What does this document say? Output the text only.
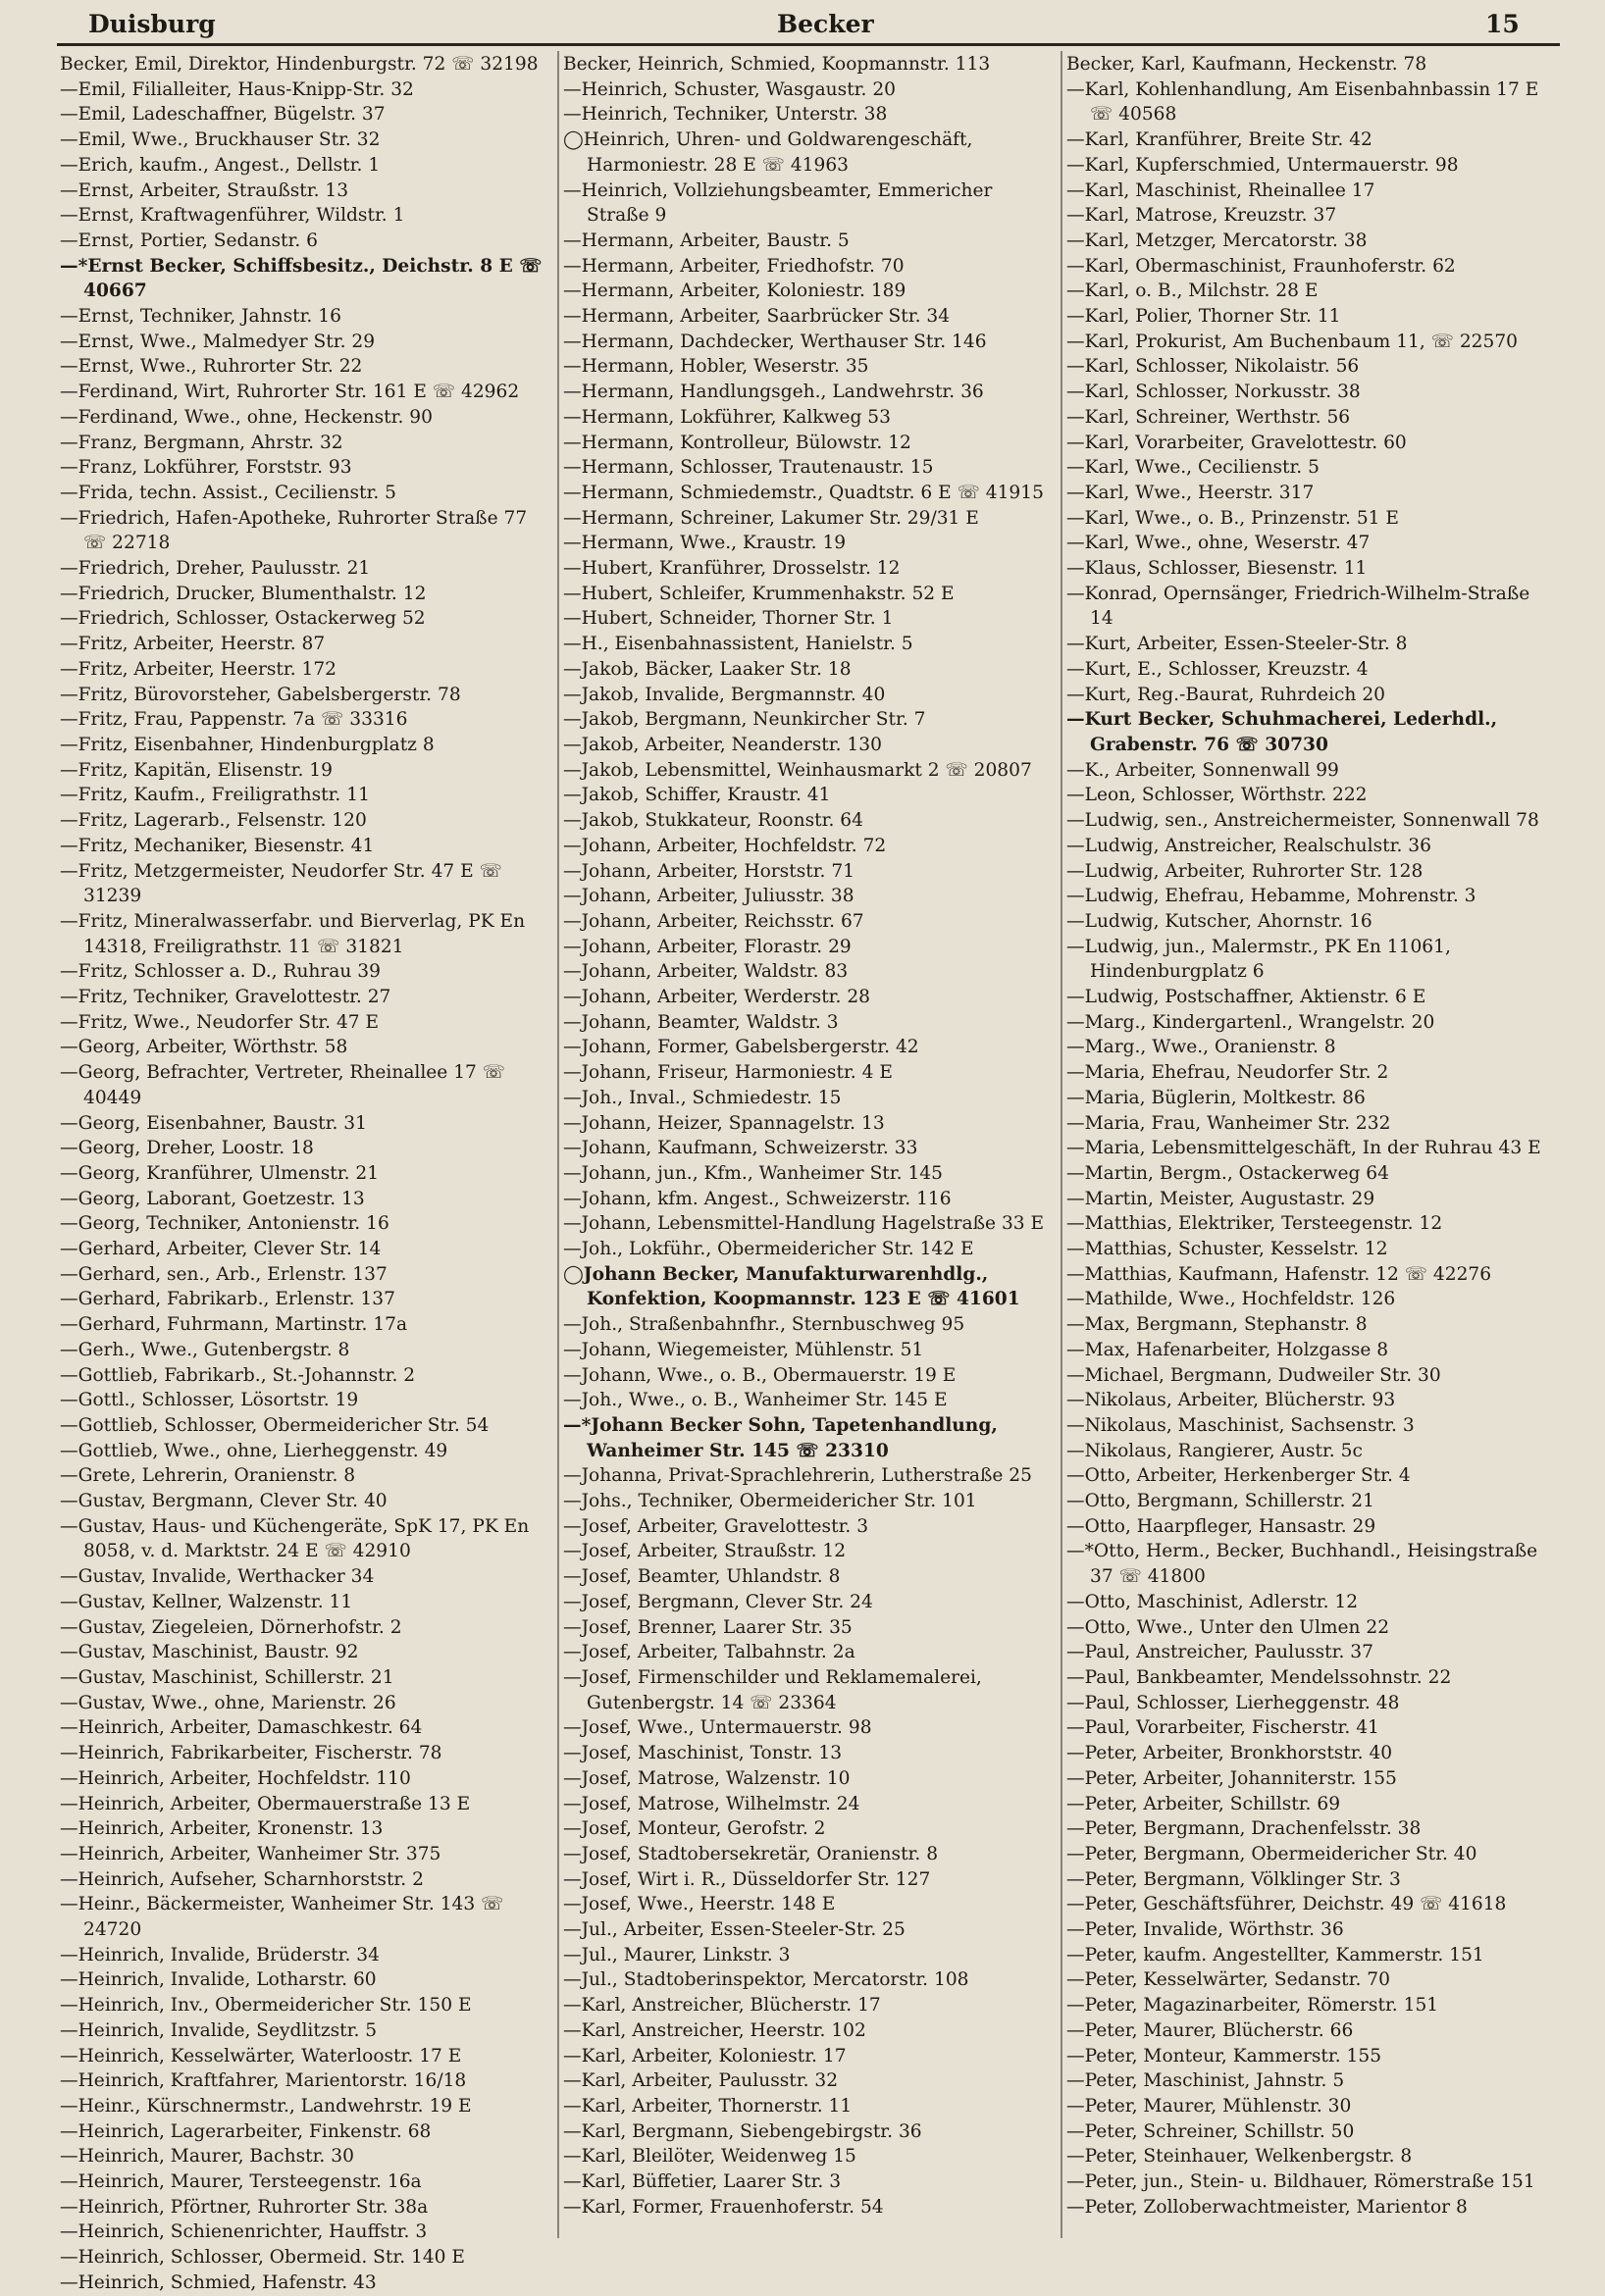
Duisburg	Becker	15

Becker, Emil, Direktor, Hindenburgstr. 72 ☏ 32198

—Emil, Filialleiter, Haus-Knipp-Str. 32

—Emil, Ladeschaffner, Bügelstr. 37

—Emil, Wwe., Bruckhauser Str. 32

—Erich, kaufm., Angest., Dellstr. 1

—Ernst, Arbeiter, Straußstr. 13

—Ernst, Kraftwagenführer, Wildstr. 1

—Ernst, Portier, Sedanstr. 6

—*Ernst Becker, Schiffsbesitz., Deichstr. 8 E ☏ 40667

—Ernst, Techniker, Jahnstr. 16

—Ernst, Wwe., Malmedyer Str. 29

—Ernst, Wwe., Ruhrorter Str. 22

—Ferdinand, Wirt, Ruhrorter Str. 161 E ☏ 42962

—Ferdinand, Wwe., ohne, Heckenstr. 90

—Franz, Bergmann, Ahrstr. 32

—Franz, Lokführer, Forststr. 93

—Frida, techn. Assist., Cecilienstr. 5

—Friedrich, Hafen-Apotheke, Ruhrorter Straße 77 ☏ 22718

—Friedrich, Dreher, Paulusstr. 21

—Friedrich, Drucker, Blumenthalstr. 12

—Friedrich, Schlosser, Ostackerweg 52

—Fritz, Arbeiter, Heerstr. 87

—Fritz, Arbeiter, Heerstr. 172

—Fritz, Bürovorsteher, Gabelsbergerstr. 78

—Fritz, Frau, Pappenstr. 7a ☏ 33316

—Fritz, Eisenbahner, Hindenburgplatz 8

—Fritz, Kapitän, Elisenstr. 19

—Fritz, Kaufm., Freiligrathstr. 11

—Fritz, Lagerarb., Felsenstr. 120

—Fritz, Mechaniker, Biesenstr. 41

—Fritz, Metzgermeister, Neudorfer Str. 47 E ☏ 31239

—Fritz, Mineralwasserfabr. und Bierverlag, PK En 14318, Freiligrathstr. 11 ☏ 31821

—Fritz, Schlosser a. D., Ruhrau 39

—Fritz, Techniker, Gravelottestr. 27

—Fritz, Wwe., Neudorfer Str. 47 E

—Georg, Arbeiter, Wörthstr. 58

—Georg, Befrachter, Vertreter, Rheinallee 17 ☏ 40449

—Georg, Eisenbahner, Baustr. 31

—Georg, Dreher, Loostr. 18

—Georg, Kranführer, Ulmenstr. 21

—Georg, Laborant, Goetzestr. 13

—Georg, Techniker, Antonienstr. 16

—Gerhard, Arbeiter, Clever Str. 14

—Gerhard, sen., Arb., Erlenstr. 137

—Gerhard, Fabrikarb., Erlenstr. 137

—Gerhard, Fuhrmann, Martinstr. 17a

—Gerh., Wwe., Gutenbergstr. 8

—Gottlieb, Fabrikarb., St.-Johannstr. 2

—Gottl., Schlosser, Lösortstr. 19

—Gottlieb, Schlosser, Obermeidericher Str. 54

—Gottlieb, Wwe., ohne, Lierheggenstr. 49

—Grete, Lehrerin, Oranienstr. 8

—Gustav, Bergmann, Clever Str. 40

—Gustav, Haus- und Küchengeräte, SpK 17, PK En 8058, v. d. Marktstr. 24 E ☏ 42910

—Gustav, Invalide, Werthacker 34

—Gustav, Kellner, Walzenstr. 11

—Gustav, Ziegeleien, Dörnerhofstr. 2

—Gustav, Maschinist, Baustr. 92

—Gustav, Maschinist, Schillerstr. 21

—Gustav, Wwe., ohne, Marienstr. 26

—Heinrich, Arbeiter, Damaschkestr. 64

—Heinrich, Fabrikarbeiter, Fischerstr. 78

—Heinrich, Arbeiter, Hochfeldstr. 110

—Heinrich, Arbeiter, Obermauerstraße 13 E

—Heinrich, Arbeiter, Kronenstr. 13

—Heinrich, Arbeiter, Wanheimer Str. 375

—Heinrich, Aufseher, Scharnhorststr. 2

—Heinr., Bäckermeister, Wanheimer Str. 143 ☏ 24720

—Heinrich, Invalide, Brüderstr. 34

—Heinrich, Invalide, Lotharstr. 60

—Heinrich, Inv., Obermeidericher Str. 150 E

—Heinrich, Invalide, Seydlitzstr. 5

—Heinrich, Kesselwärter, Waterloostr. 17 E

—Heinrich, Kraftfahrer, Marientorstr. 16/18

—Heinr., Kürschnermstr., Landwehrstr. 19 E

—Heinrich, Lagerarbeiter, Finkenstr. 68

—Heinrich, Maurer, Bachstr. 30

—Heinrich, Maurer, Tersteegenstr. 16a

—Heinrich, Pförtner, Ruhrorter Str. 38a

—Heinrich, Schienenrichter, Hauffstr. 3

—Heinrich, Schlosser, Obermeid. Str. 140 E

—Heinrich, Schmied, Hafenstr. 43

Becker, Heinrich, Schmied, Koopmannstr. 113

—Heinrich, Schuster, Wasgaustr. 20

—Heinrich, Techniker, Unterstr. 38

◯Heinrich, Uhren- und Goldwarengeschäft, Harmoniestr. 28 E ☏ 41963

—Heinrich, Vollziehungsbeamter, Emmericher Straße 9

—Hermann, Arbeiter, Baustr. 5

—Hermann, Arbeiter, Friedhofstr. 70

—Hermann, Arbeiter, Koloniestr. 189

—Hermann, Arbeiter, Saarbrücker Str. 34

—Hermann, Dachdecker, Werthauser Str. 146

—Hermann, Hobler, Weserstr. 35

—Hermann, Handlungsgeh., Landwehrstr. 36

—Hermann, Lokführer, Kalkweg 53

—Hermann, Kontrolleur, Bülowstr. 12

—Hermann, Schlosser, Trautenaustr. 15

—Hermann, Schmiedemstr., Quadtstr. 6 E ☏ 41915

—Hermann, Schreiner, Lakumer Str. 29/31 E

—Hermann, Wwe., Kraustr. 19

—Hubert, Kranführer, Drosselstr. 12

—Hubert, Schleifer, Krummenhakstr. 52 E

—Hubert, Schneider, Thorner Str. 1

—H., Eisenbahnassistent, Hanielstr. 5

—Jakob, Bäcker, Laaker Str. 18

—Jakob, Invalide, Bergmannstr. 40

—Jakob, Bergmann, Neunkircher Str. 7

—Jakob, Arbeiter, Neanderstr. 130

—Jakob, Lebensmittel, Weinhausmarkt 2 ☏ 20807

—Jakob, Schiffer, Kraustr. 41

—Jakob, Stukkateur, Roonstr. 64

—Johann, Arbeiter, Hochfeldstr. 72

—Johann, Arbeiter, Horststr. 71

—Johann, Arbeiter, Juliusstr. 38

—Johann, Arbeiter, Reichsstr. 67

—Johann, Arbeiter, Florastr. 29

—Johann, Arbeiter, Waldstr. 83

—Johann, Arbeiter, Werderstr. 28

—Johann, Beamter, Waldstr. 3

—Johann, Former, Gabelsbergerstr. 42

—Johann, Friseur, Harmoniestr. 4 E

—Joh., Inval., Schmiedestr. 15

—Johann, Heizer, Spannagelstr. 13

—Johann, Kaufmann, Schweizerstr. 33

—Johann, jun., Kfm., Wanheimer Str. 145

—Johann, kfm. Angest., Schweizerstr. 116

—Johann, Lebensmittel-Handlung Hagelstraße 33 E

—Joh., Lokführ., Obermeidericher Str. 142 E

◯Johann Becker, Manufakturwarenhdlg., Konfektion, Koopmannstr. 123 E ☏ 41601

—Joh., Straßenbahnfhr., Sternbuschweg 95

—Johann, Wiegemeister, Mühlenstr. 51

—Johann, Wwe., o. B., Obermauerstr. 19 E

—Joh., Wwe., o. B., Wanheimer Str. 145 E

—*Johann Becker Sohn, Tapetenhandlung, Wanheimer Str. 145 ☏ 23310

—Johanna, Privat-Sprachlehrerin, Lutherstraße 25

—Johs., Techniker, Obermeidericher Str. 101

—Josef, Arbeiter, Gravelottestr. 3

—Josef, Arbeiter, Straußstr. 12

—Josef, Beamter, Uhlandstr. 8

—Josef, Bergmann, Clever Str. 24

—Josef, Brenner, Laarer Str. 35

—Josef, Arbeiter, Talbahnstr. 2a

—Josef, Firmenschilder und Reklamemalerei, Gutenbergstr. 14 ☏ 23364

—Josef, Wwe., Untermauerstr. 98

—Josef, Maschinist, Tonstr. 13

—Josef, Matrose, Walzenstr. 10

—Josef, Matrose, Wilhelmstr. 24

—Josef, Monteur, Gerofstr. 2

—Josef, Stadtobersekretär, Oranienstr. 8

—Josef, Wirt i. R., Düsseldorfer Str. 127

—Josef, Wwe., Heerstr. 148 E

—Jul., Arbeiter, Essen-Steeler-Str. 25

—Jul., Maurer, Linkstr. 3

—Jul., Stadtoberinspektor, Mercatorstr. 108

—Karl, Anstreicher, Blücherstr. 17

—Karl, Anstreicher, Heerstr. 102

—Karl, Arbeiter, Koloniestr. 17

—Karl, Arbeiter, Paulusstr. 32

—Karl, Arbeiter, Thornerstr. 11

—Karl, Bergmann, Siebengebirgstr. 36

—Karl, Bleilöter, Weidenweg 15

—Karl, Büffetier, Laarer Str. 3

—Karl, Former, Frauenhoferstr. 54

Becker, Karl, Kaufmann, Heckenstr. 78

—Karl, Kohlenhandlung, Am Eisenbahnbassin 17 E ☏ 40568

—Karl, Kranführer, Breite Str. 42

—Karl, Kupferschmied, Untermauerstr. 98

—Karl, Maschinist, Rheinallee 17

—Karl, Matrose, Kreuzstr. 37

—Karl, Metzger, Mercatorstr. 38

—Karl, Obermaschinist, Fraunhoferstr. 62

—Karl, o. B., Milchstr. 28 E

—Karl, Polier, Thorner Str. 11

—Karl, Prokurist, Am Buchenbaum 11, ☏ 22570

—Karl, Schlosser, Nikolaistr. 56

—Karl, Schlosser, Norkusstr. 38

—Karl, Schreiner, Werthstr. 56

—Karl, Vorarbeiter, Gravelottestr. 60

—Karl, Wwe., Cecilienstr. 5

—Karl, Wwe., Heerstr. 317

—Karl, Wwe., o. B., Prinzenstr. 51 E

—Karl, Wwe., ohne, Weserstr. 47

—Klaus, Schlosser, Biesenstr. 11

—Konrad, Opernsänger, Friedrich-Wilhelm-Straße 14

—Kurt, Arbeiter, Essen-Steeler-Str. 8

—Kurt, E., Schlosser, Kreuzstr. 4

—Kurt, Reg.-Baurat, Ruhrdeich 20

—Kurt Becker, Schuhmacherei, Lederhdl., Grabenstr. 76 ☏ 30730

—K., Arbeiter, Sonnenwall 99

—Leon, Schlosser, Wörthstr. 222

—Ludwig, sen., Anstreichermeister, Sonnenwall 78

—Ludwig, Anstreicher, Realschulstr. 36

—Ludwig, Arbeiter, Ruhrorter Str. 128

—Ludwig, Ehefrau, Hebamme, Mohrenstr. 3

—Ludwig, Kutscher, Ahornstr. 16

—Ludwig, jun., Malermstr., PK En 11061, Hindenburgplatz 6

—Ludwig, Postschaffner, Aktienstr. 6 E

—Marg., Kindergartenl., Wrangelstr. 20

—Marg., Wwe., Oranienstr. 8

—Maria, Ehefrau, Neudorfer Str. 2

—Maria, Büglerin, Moltkestr. 86

—Maria, Frau, Wanheimer Str. 232

—Maria, Lebensmittelgeschäft, In der Ruhrau 43 E

—Martin, Bergm., Ostackerweg 64

—Martin, Meister, Augustastr. 29

—Matthias, Elektriker, Tersteegenstr. 12

—Matthias, Schuster, Kesselstr. 12

—Matthias, Kaufmann, Hafenstr. 12 ☏ 42276

—Mathilde, Wwe., Hochfeldstr. 126

—Max, Bergmann, Stephanstr. 8

—Max, Hafenarbeiter, Holzgasse 8

—Michael, Bergmann, Dudweiler Str. 30

—Nikolaus, Arbeiter, Blücherstr. 93

—Nikolaus, Maschinist, Sachsenstr. 3

—Nikolaus, Rangierer, Austr. 5c

—Otto, Arbeiter, Herkenberger Str. 4

—Otto, Bergmann, Schillerstr. 21

—Otto, Haarpfleger, Hansastr. 29

—*Otto, Herm., Becker, Buchhandl., Heisingstraße 37 ☏ 41800

—Otto, Maschinist, Adlerstr. 12

—Otto, Wwe., Unter den Ulmen 22

—Paul, Anstreicher, Paulusstr. 37

—Paul, Bankbeamter, Mendelssohnstr. 22

—Paul, Schlosser, Lierheggenstr. 48

—Paul, Vorarbeiter, Fischerstr. 41

—Peter, Arbeiter, Bronkhorststr. 40

—Peter, Arbeiter, Johanniterstr. 155

—Peter, Arbeiter, Schillstr. 69

—Peter, Bergmann, Drachenfelsstr. 38

—Peter, Bergmann, Obermeidericher Str. 40

—Peter, Bergmann, Völklinger Str. 3

—Peter, Geschäftsführer, Deichstr. 49 ☏ 41618

—Peter, Invalide, Wörthstr. 36

—Peter, kaufm. Angestellter, Kammerstr. 151

—Peter, Kesselwärter, Sedanstr. 70

—Peter, Magazinarbeiter, Römerstr. 151

—Peter, Maurer, Blücherstr. 66

—Peter, Monteur, Kammerstr. 155

—Peter, Maschinist, Jahnstr. 5

—Peter, Maurer, Mühlenstr. 30

—Peter, Schreiner, Schillstr. 50

—Peter, Steinhauer, Welkenbergstr. 8

—Peter, jun., Stein- u. Bildhauer, Römerstraße 151

—Peter, Zolloberwachtmeister, Marientor 8
